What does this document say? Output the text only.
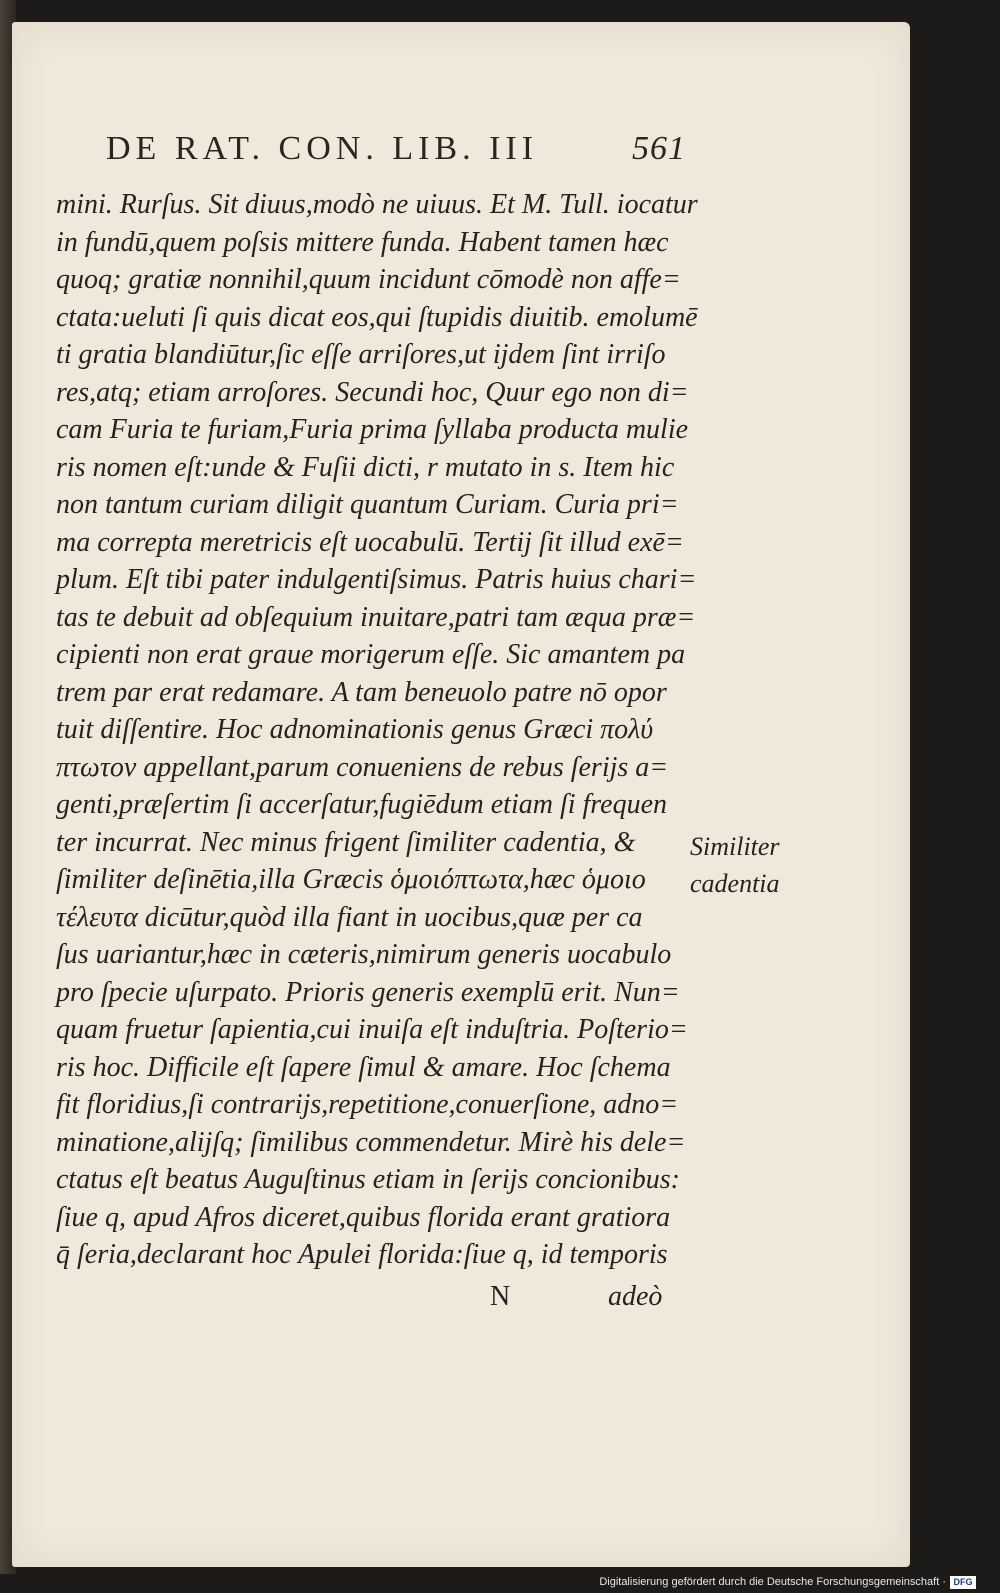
DE RAT. CON. LIB. III	561
mini. Rurſus. Sit diuus,modò ne uiuus. Et M. Tull. iocatur
in fundū,quem poſsis mittere funda. Habent tamen hæc
quoq; gratiæ nonnihil,quum incidunt cōmodè non affe=
ctata:ueluti ſi quis dicat eos,qui ſtupidis diuitib. emolumē
ti gratia blandiūtur,ſic eſſe arriſores,ut ijdem ſint irriſo
res,atq; etiam arroſores. Secundi hoc, Quur ego non di=
cam Furia te furiam,Furia prima ſyllaba producta mulie
ris nomen eſt:unde & Fuſii dicti, r mutato in s. Item hic
non tantum curiam diligit quantum Curiam. Curia pri=
ma correpta meretricis eſt uocabulū. Tertij ſit illud exē=
plum. Eſt tibi pater indulgentiſsimus. Patris huius chari=
tas te debuit ad obſequium inuitare,patri tam æqua præ=
cipienti non erat graue morigerum eſſe. Sic amantem pa
trem par erat redamare. A tam beneuolo patre nō opor
tuit diſſentire. Hoc adnominationis genus Græci πολύ
πτωτον appellant,parum conueniens de rebus ſerijs a=
genti,præſertim ſi accerſatur,fugiēdum etiam ſi frequen
ter incurrat. Nec minus frigent ſimiliter cadentia, &
ſimiliter deſinētia,illa Græcis ὁμοιόπτωτα,hæc ὁμοιο
τέλευτα dicūtur,quòd illa fiant in uocibus,quæ per ca
ſus uariantur,hæc in cæteris,nimirum generis uocabulo
pro ſpecie uſurpato. Prioris generis exemplū erit. Nun=
quam fruetur ſapientia,cui inuiſa eſt induſtria. Poſterio=
ris hoc. Difficile eſt ſapere ſimul & amare. Hoc ſchema
fit floridius,ſi contrarijs,repetitione,conuerſione, adno=
minatione,alijſq; ſimilibus commendetur. Mirè his dele=
ctatus eſt beatus Auguſtinus etiam in ſerijs concionibus:
ſiue q, apud Afros diceret,quibus florida erant gratiora
q̄ ſeria,declarant hoc Apulei florida:ſiue q, id temporis
Similiter
cadentia
N	adeò
Digitalisierung gefördert durch die Deutsche Forschungsgemeinschaft · DFG
